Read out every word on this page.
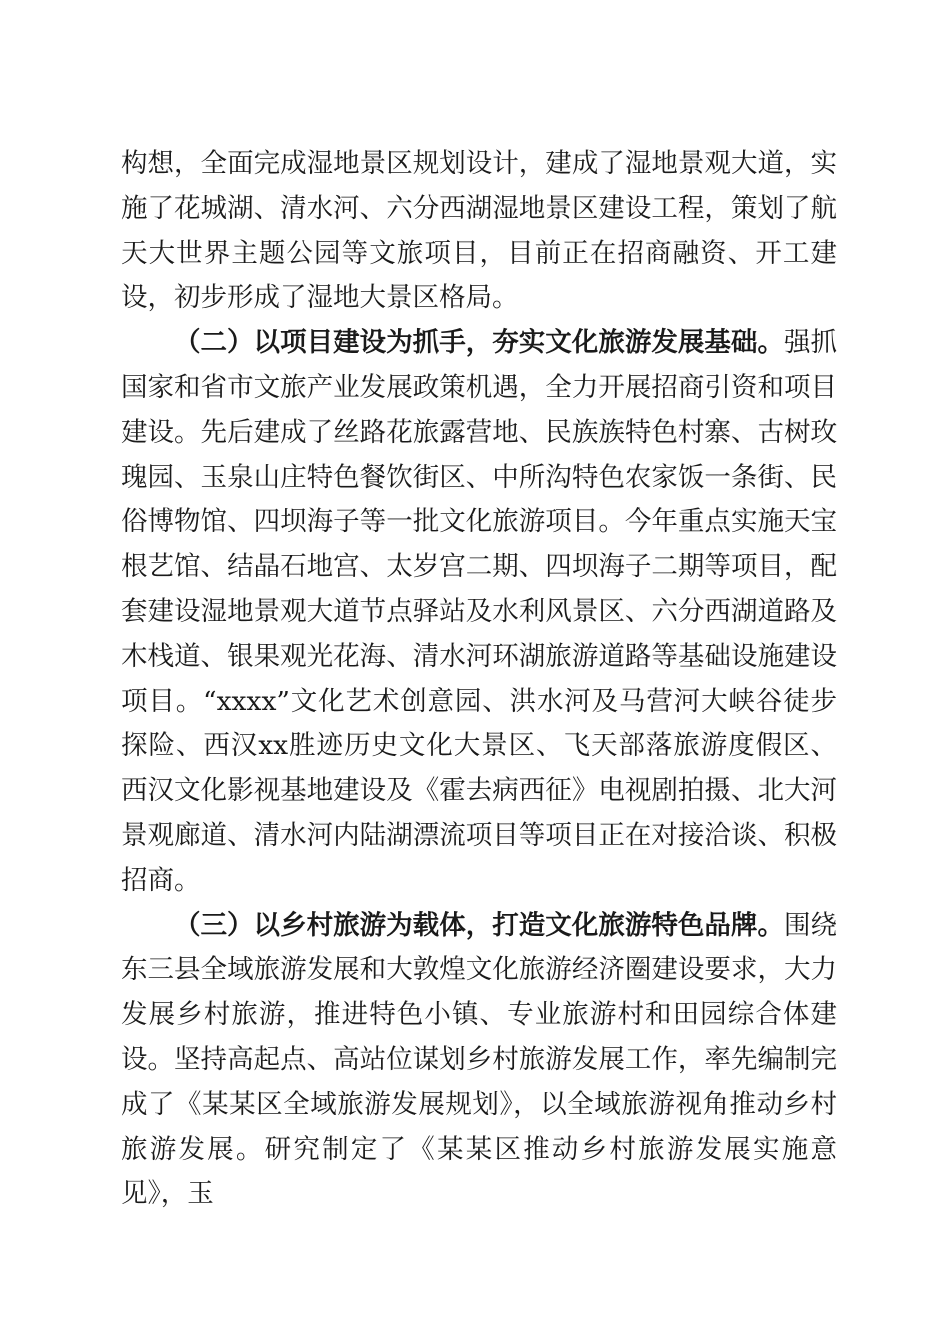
构想，全面完成湿地景区规划设计，建成了湿地景观大道，实施了花城湖、清水河、六分西湖湿地景区建设工程，策划了航天大世界主题公园等文旅项目，目前正在招商融资、开工建设，初步形成了湿地大景区格局。

（二）以项目建设为抓手，夯实文化旅游发展基础。强抓国家和省市文旅产业发展政策机遇，全力开展招商引资和项目建设。先后建成了丝路花旅露营地、民族族特色村寨、古树玫瑰园、玉泉山庄特色餐饮街区、中所沟特色农家饭一条街、民俗博物馆、四坝海子等一批文化旅游项目。今年重点实施天宝根艺馆、结晶石地宫、太岁宫二期、四坝海子二期等项目，配套建设湿地景观大道节点驿站及水利风景区、六分西湖道路及木栈道、银果观光花海、清水河环湖旅游道路等基础设施建设项目。“xxxx”文化艺术创意园、洪水河及马营河大峡谷徒步探险、西汉xx胜迹历史文化大景区、飞天部落旅游度假区、西汉文化影视基地建设及《霍去病西征》电视剧拍摄、北大河景观廊道、清水河内陆湖漂流项目等项目正在对接洽谈、积极招商。

（三）以乡村旅游为载体，打造文化旅游特色品牌。围绕东三县全域旅游发展和大敦煌文化旅游经济圈建设要求，大力发展乡村旅游，推进特色小镇、专业旅游村和田园综合体建设。坚持高起点、高站位谋划乡村旅游发展工作，率先编制完成了《某某区全域旅游发展规划》，以全域旅游视角推动乡村旅游发展。研究制定了《某某区推动乡村旅游发展实施意见》，玉
